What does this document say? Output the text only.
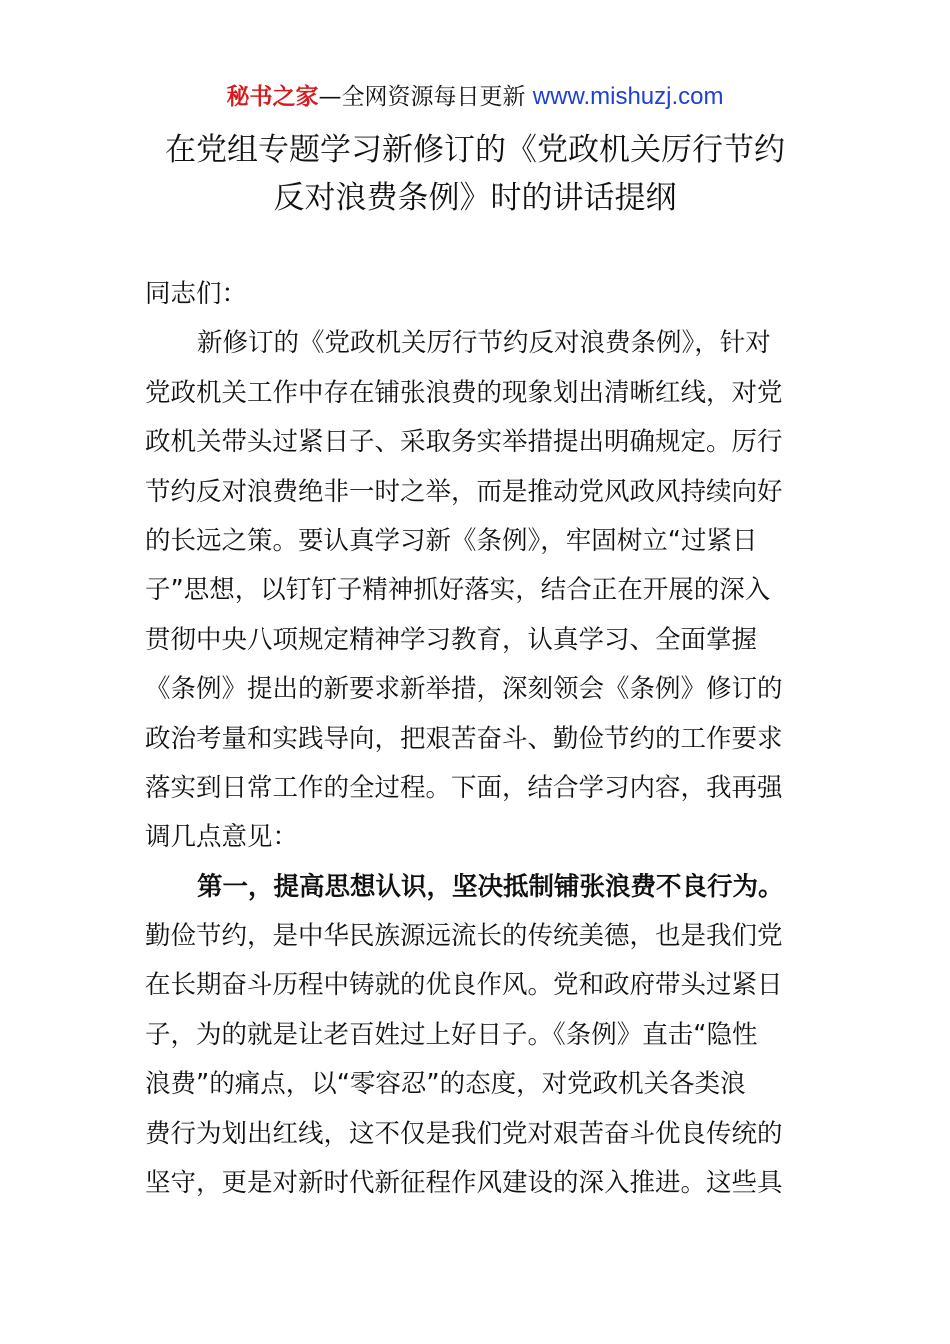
秘书之家—全网资源每日更新 www.mishuzj.com
在党组专题学习新修订的《党政机关厉行节约
反对浪费条例》时的讲话提纲
同志们：
新修订的《党政机关厉行节约反对浪费条例》，针对
党政机关工作中存在铺张浪费的现象划出清晰红线，对党
政机关带头过紧日子、采取务实举措提出明确规定。厉行
节约反对浪费绝非一时之举，而是推动党风政风持续向好
的长远之策。要认真学习新《条例》，牢固树立“过紧日
子”思想，以钉钉子精神抓好落实，结合正在开展的深入
贯彻中央八项规定精神学习教育，认真学习、全面掌握
《条例》提出的新要求新举措，深刻领会《条例》修订的
政治考量和实践导向，把艰苦奋斗、勤俭节约的工作要求
落实到日常工作的全过程。下面，结合学习内容，我再强
调几点意见：
第一，提高思想认识，坚决抵制铺张浪费不良行为。
勤俭节约，是中华民族源远流长的传统美德，也是我们党
在长期奋斗历程中铸就的优良作风。党和政府带头过紧日
子，为的就是让老百姓过上好日子。《条例》直击“隐性
浪费”的痛点，以“零容忍”的态度，对党政机关各类浪
费行为划出红线，这不仅是我们党对艰苦奋斗优良传统的
坚守，更是对新时代新征程作风建设的深入推进。这些具
